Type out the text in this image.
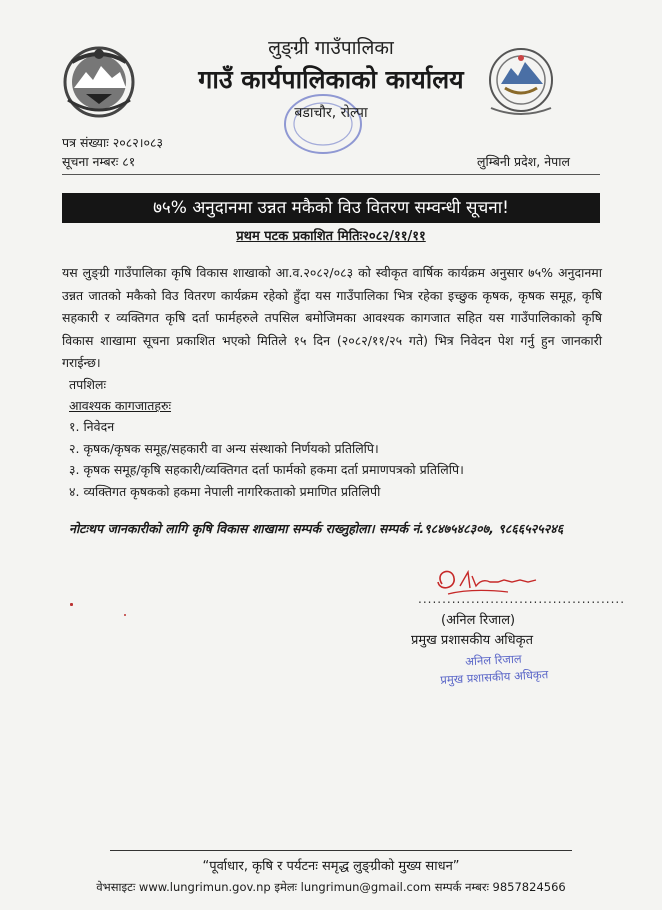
लुङ्ग्री गाउँपालिका
गाउँ कार्यपालिकाको कार्यालय
बडाचौर, रोल्पा
पत्र संख्याः २०८२।०८३
सूचना नम्बरः ८१	लुम्बिनी प्रदेश, नेपाल
७५% अनुदानमा उन्नत मकैको विउ वितरण सम्वन्धी सूचना!
प्रथम पटक प्रकाशित मितिः२०८२/११/११
यस लुङ्ग्री गाउँपालिका कृषि विकास शाखाको आ.व.२०८२/०८३ को स्वीकृत वार्षिक कार्यक्रम अनुसार ७५% अनुदानमा उन्नत जातको मकैको विउ वितरण कार्यक्रम रहेको हुँदा यस गाउँपालिका भित्र रहेका इच्छुक कृषक, कृषक समूह, कृषि सहकारी र व्यक्तिगत कृषि दर्ता फार्महरुले तपसिल बमोजिमका आवश्यक कागजात सहित यस गाउँपालिकाको कृषि विकास शाखामा सूचना प्रकाशित भएको मितिले १५ दिन (२०८२/११/२५ गते) भित्र निवेदन पेश गर्नु हुन जानकारी गराईन्छ।
तपशिलः
आवश्यक कागजातहरुः
१. निवेदन
२. कृषक/कृषक समूह/सहकारी वा अन्य संस्थाको निर्णयको प्रतिलिपि।
३. कृषक समूह/कृषि सहकारी/व्यक्तिगत दर्ता फार्मको हकमा दर्ता प्रमाणपत्रको प्रतिलिपि।
४. व्यक्तिगत कृषकको हकमा नेपाली नागरिकताको प्रमाणित प्रतिलिपी
नोटःथप जानकारीको लागि कृषि विकास शाखामा सम्पर्क राख्नुहोला। सम्पर्क नं.९८४७५४८३०७, ९८६६५२५२४६
...........................................
(अनिल रिजाल)
प्रमुख प्रशासकीय अधिकृत
अनिल रिजाल
प्रमुख प्रशासकीय अधिकृत
“पूर्वाधार, कृषि र पर्यटनः समृद्ध लुङ्ग्रीको मुख्य साधन”
वेभसाइटः www.lungrimun.gov.np इमेलः lungrimun@gmail.com सम्पर्क नम्बरः 9857824566
